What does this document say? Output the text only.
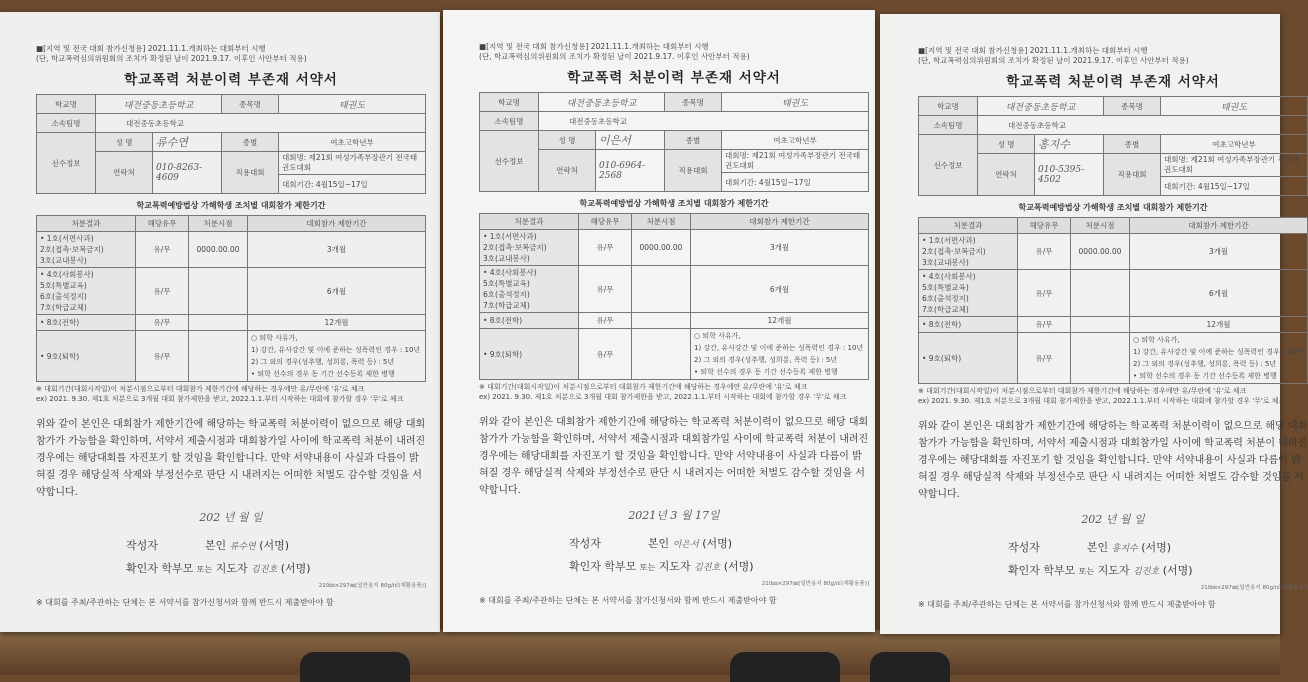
■[지역 및 전국 대회 참가신청용] 2021.11.1.개최하는 대회부터 시행
(단, 학교폭력심의위원회의 조치가 확정된 날이 2021.9.17. 이후인 사안부터 적용)
학교폭력 처분이력 부존재 서약서
학교명	대전중동초등학교		종목명	태권도
소속팀명	대전중동초등학교			
선수정보	성 명	류수연	종별	여초고학년부
	연락처	010-8263-4609	직용대회	대회명: 제21회 여성가족부장관기 전국태권도대회
				대회기간: 4월15일~17일
학교폭력예방법상 가해학생 조치별 대회참가 제한기간
처분결과	해당유무	처분시점	대회참가 제한기간

• 1호(서면사과)
2호(접촉·보복금지)
3호(교내봉사)	유/무	0000.00.00	3개월

• 4호(사회봉사)
5호(특별교육)
6호(출석정지)
7호(학급교체)	유/무		6개월

• 8호(전학)	유/무		12개월

• 9호(퇴학)	유/무		○ 퇴학 사유가,
1) 강간, 유사강간 및 이에 준하는 성폭력인 경우 : 10년
2) 그 외의 경우(성추행, 성희롱, 폭력 등) : 5년
• 퇴학 선수의 경우 동 기간 선수등록 제한 병행
※ 대회기간(대회시작일)이 처분시점으로부터 대회참가 제한기간에 해당하는 경우에만 유/무란에 '유'로 체크
ex) 2021. 9.30. 제1호 처분으로 3개월 대회 참가제한을 받고, 2022.1.1.부터 시작하는 대회에 참가할 경우 '무'로 체크
위와 같이 본인은 대회참가 제한기간에 해당하는 학교폭력 처분이력이 없으므로 해당 대회 참가가 가능함을 확인하며, 서약서 제출시점과 대회참가일 사이에 학교폭력 처분이 내려진 경우에는 해당대회를 자진포기 할 것임을 확인합니다. 만약 서약내용이 사실과 다름이 밝혀질 경우 해당실적 삭제와 부정선수로 판단 시 내려지는 어떠한 처벌도 감수할 것임을 서약합니다.
202 년 월 일
작성자	본인 류수연 (서명)
확인자 학부모 또는 지도자 김진호 (서명)
210㎜×297㎜[일반용지 80g/㎡(재활용품)]
※ 대회를 주최/주관하는 단체는 본 서약서를 참가신청서와 함께 반드시 제출받아야 함
■[지역 및 전국 대회 참가신청용] 2021.11.1.개최하는 대회부터 시행
(단, 학교폭력심의위원회의 조치가 확정된 날이 2021.9.17. 이후인 사안부터 적용)
학교폭력 처분이력 부존재 서약서
학교명	대전중동초등학교		종목명	태권도
소속팀명	대전중동초등학교			
선수정보	성 명	이은서	종별	여초고학년부
	연락처	010-6964-2568	직용대회	대회명: 제21회 여성가족부장관기 전국태권도대회
				대회기간: 4월15일~17일
학교폭력예방법상 가해학생 조치별 대회참가 제한기간
처분결과	해당유무	처분시점	대회참가 제한기간

• 1호(서면사과)
2호(접촉·보복금지)
3호(교내봉사)	유/무	0000.00.00	3개월

• 4호(사회봉사)
5호(특별교육)
6호(출석정지)
7호(학급교체)	유/무		6개월

• 8호(전학)	유/무		12개월

• 9호(퇴학)	유/무		○ 퇴학 사유가,
1) 강간, 유사강간 및 이에 준하는 성폭력인 경우 : 10년
2) 그 외의 경우(성추행, 성희롱, 폭력 등) : 5년
• 퇴학 선수의 경우 동 기간 선수등록 제한 병행
※ 대회기간(대회시작일)이 처분시점으로부터 대회참가 제한기간에 해당하는 경우에만 유/무란에 '유'로 체크
ex) 2021. 9.30. 제1호 처분으로 3개월 대회 참가제한을 받고, 2022.1.1.부터 시작하는 대회에 참가할 경우 '무'로 체크
위와 같이 본인은 대회참가 제한기간에 해당하는 학교폭력 처분이력이 없으므로 해당 대회 참가가 가능함을 확인하며, 서약서 제출시점과 대회참가일 사이에 학교폭력 처분이 내려진 경우에는 해당대회를 자진포기 할 것임을 확인합니다. 만약 서약내용이 사실과 다름이 밝혀질 경우 해당실적 삭제와 부정선수로 판단 시 내려지는 어떠한 처벌도 감수할 것임을 서약합니다.
2021년 3 월 17일
작성자	본인 이은서 (서명)
확인자 학부모 또는 지도자 김진호 (서명)
210㎜×297㎜[일반용지 80g/㎡(재활용품)]
※ 대회를 주최/주관하는 단체는 본 서약서를 참가신청서와 함께 반드시 제출받아야 함
■[지역 및 전국 대회 참가신청용] 2021.11.1.개최하는 대회부터 시행
(단, 학교폭력심의위원회의 조치가 확정된 날이 2021.9.17. 이후인 사안부터 적용)
학교폭력 처분이력 부존재 서약서
학교명	대전중동초등학교		종목명	태권도
소속팀명	대전중동초등학교			
선수정보	성 명	홍지수	종별	여초고학년부
	연락처	010-5395-4502	직용대회	대회명: 제21회 여성가족부장관기 전국태권도대회
				대회기간: 4월15일~17일
학교폭력예방법상 가해학생 조치별 대회참가 제한기간
처분결과	해당유무	처분시점	대회참가 제한기간

• 1호(서면사과)
2호(접촉·보복금지)
3호(교내봉사)	유/무	0000.00.00	3개월

• 4호(사회봉사)
5호(특별교육)
6호(출석정지)
7호(학급교체)	유/무		6개월

• 8호(전학)	유/무		12개월

• 9호(퇴학)	유/무		○ 퇴학 사유가,
1) 강간, 유사강간 및 이에 준하는 성폭력인 경우 : 10년
2) 그 외의 경우(성추행, 성희롱, 폭력 등) : 5년
• 퇴학 선수의 경우 동 기간 선수등록 제한 병행
※ 대회기간(대회시작일)이 처분시점으로부터 대회참가 제한기간에 해당하는 경우에만 유/무란에 '유'로 체크
ex) 2021. 9.30. 제1호 처분으로 3개월 대회 참가제한을 받고, 2022.1.1.부터 시작하는 대회에 참가할 경우 '무'로 체크
위와 같이 본인은 대회참가 제한기간에 해당하는 학교폭력 처분이력이 없으므로 해당 대회 참가가 가능함을 확인하며, 서약서 제출시점과 대회참가일 사이에 학교폭력 처분이 내려진 경우에는 해당대회를 자진포기 할 것임을 확인합니다. 만약 서약내용이 사실과 다름이 밝혀질 경우 해당실적 삭제와 부정선수로 판단 시 내려지는 어떠한 처벌도 감수할 것임을 서약합니다.
202 년 월 일
작성자	본인 홍지수 (서명)
확인자 학부모 또는 지도자 김진호 (서명)
210㎜×297㎜[일반용지 80g/㎡(재활용품)]
※ 대회를 주최/주관하는 단체는 본 서약서를 참가신청서와 함께 반드시 제출받아야 함
